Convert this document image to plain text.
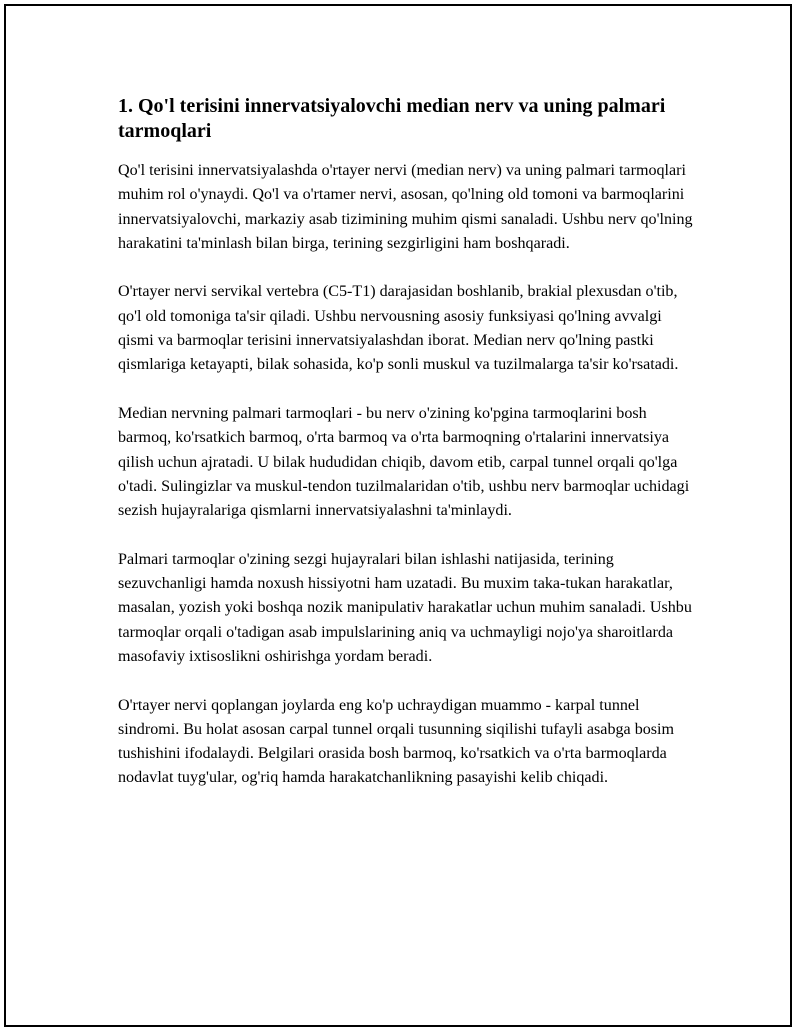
1. Qo'l terisini innervatsiyalovchi median nerv va uning palmari tarmoqlari

Qo'l terisini innervatsiyalashda o'rtayer nervi (median nerv) va uning palmari tarmoqlari muhim rol o'ynaydi. Qo'l va o'rtamer nervi, asosan, qo'lning old tomoni va barmoqlarini innervatsiyalovchi, markaziy asab tizimining muhim qismi sanaladi. Ushbu nerv qo'lning harakatini ta'minlash bilan birga, terining sezgirligini ham boshqaradi.

O'rtayer nervi servikal vertebra (C5-T1) darajasidan boshlanib, brakial plexusdan o'tib, qo'l old tomoniga ta'sir qiladi. Ushbu nervousning asosiy funksiyasi qo'lning avvalgi qismi va barmoqlar terisini innervatsiyalashdan iborat. Median nerv qo'lning pastki qismlariga ketayapti, bilak sohasida, ko'p sonli muskul va tuzilmalarga ta'sir ko'rsatadi.

Median nervning palmari tarmoqlari - bu nerv o'zining ko'pgina tarmoqlarini bosh barmoq, ko'rsatkich barmoq, o'rta barmoq va o'rta barmoqning o'rtalarini innervatsiya qilish uchun ajratadi. U bilak hududidan chiqib, davom etib, carpal tunnel orqali qo'lga o'tadi. Sulingizlar va muskul-tendon tuzilmalaridan o'tib, ushbu nerv barmoqlar uchidagi sezish hujayralariga qismlarni innervatsiyalashni ta'minlaydi.

Palmari tarmoqlar o'zining sezgi hujayralari bilan ishlashi natijasida, terining sezuvchanligi hamda noxush hissiyotni ham uzatadi. Bu muxim taka-tukan harakatlar, masalan, yozish yoki boshqa nozik manipulativ harakatlar uchun muhim sanaladi. Ushbu tarmoqlar orqali o'tadigan asab impulslarining aniq va uchmayligi nojo'ya sharoitlarda masofaviy ixtisoslikni oshirishga yordam beradi.

O'rtayer nervi qoplangan joylarda eng ko'p uchraydigan muammo - karpal tunnel sindromi. Bu holat asosan carpal tunnel orqali tusunning siqilishi tufayli asabga bosim tushishini ifodalaydi. Belgilari orasida bosh barmoq, ko'rsatkich va o'rta barmoqlarda nodavlat tuyg'ular, og'riq hamda harakatchanlikning pasayishi kelib chiqadi.
